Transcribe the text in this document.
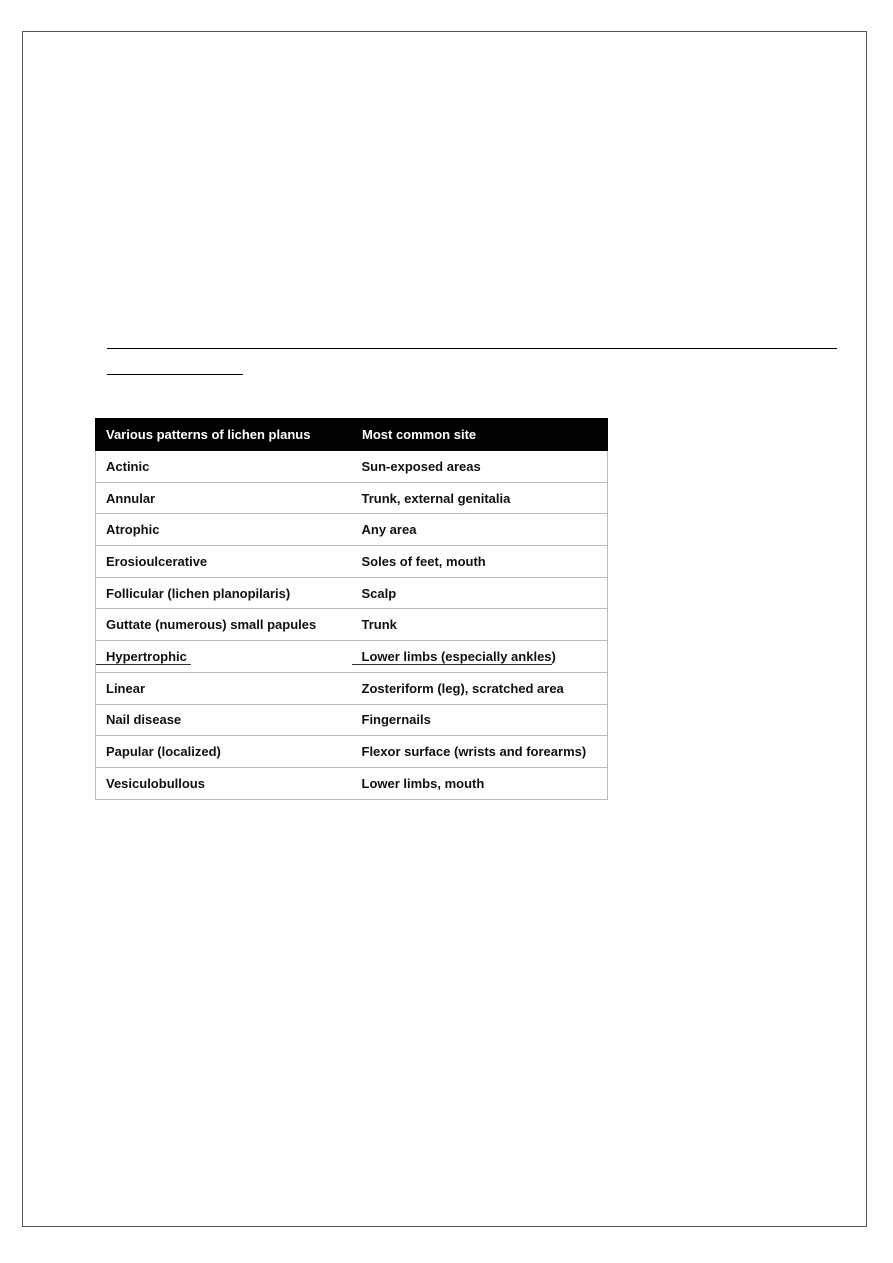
Various patterns of lichen planus	Most common site
Actinic	Sun-exposed areas
Annular	Trunk, external genitalia
Atrophic	Any area
Erosioulcerative	Soles of feet, mouth
Follicular (lichen planopilaris)	Scalp
Guttate (numerous) small papules	Trunk
Hypertrophic	Lower limbs (especially ankles)

Linear	Zosteriform (leg), scratched area
Nail disease	Fingernails
Papular (localized)	Flexor surface (wrists and forearms)
Vesiculobullous	Lower limbs, mouth
